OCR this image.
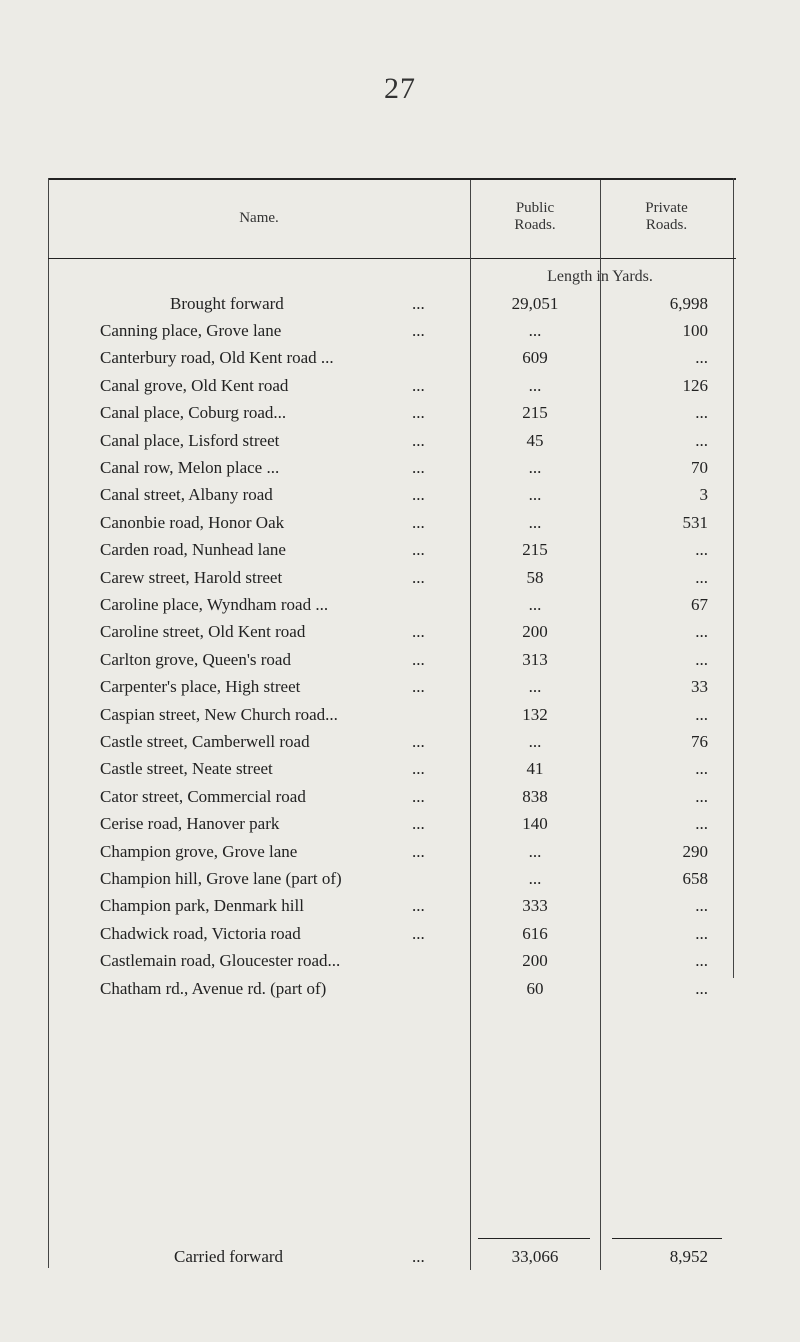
27
Name.
Public
Roads.
Private
Roads.
Length in Yards.
Brought forward	...	29,051	6,998
Canning place, Grove lane	...	...	100
Canterbury road, Old Kent road ...	609	...
Canal grove, Old Kent road	...	...	126
Canal place, Coburg road...	...	215	...
Canal place, Lisford street	...	45	...
Canal row, Melon place ...	...	...	70
Canal street, Albany road	...	...	3
Canonbie road, Honor Oak	...	...	531
Carden road, Nunhead lane	...	215	...
Carew street, Harold street	...	58	...
Caroline place, Wyndham road ...	...	67
Caroline street, Old Kent road	...	200	...
Carlton grove, Queen's road	...	313	...
Carpenter's place, High street	...	...	33
Caspian street, New Church road...	132	...
Castle street, Camberwell road	...	...	76
Castle street, Neate street	...	41	...
Cator street, Commercial road	...	838	...
Cerise road, Hanover park	...	140	...
Champion grove, Grove lane	...	...	290
Champion hill, Grove lane (part of)	...	658
Champion park, Denmark hill	...	333	...
Chadwick road, Victoria road	...	616	...
Castlemain road, Gloucester road...	200	...
Chatham rd., Avenue rd. (part of)	60	...
Carried forward	...	33,066	8,952
